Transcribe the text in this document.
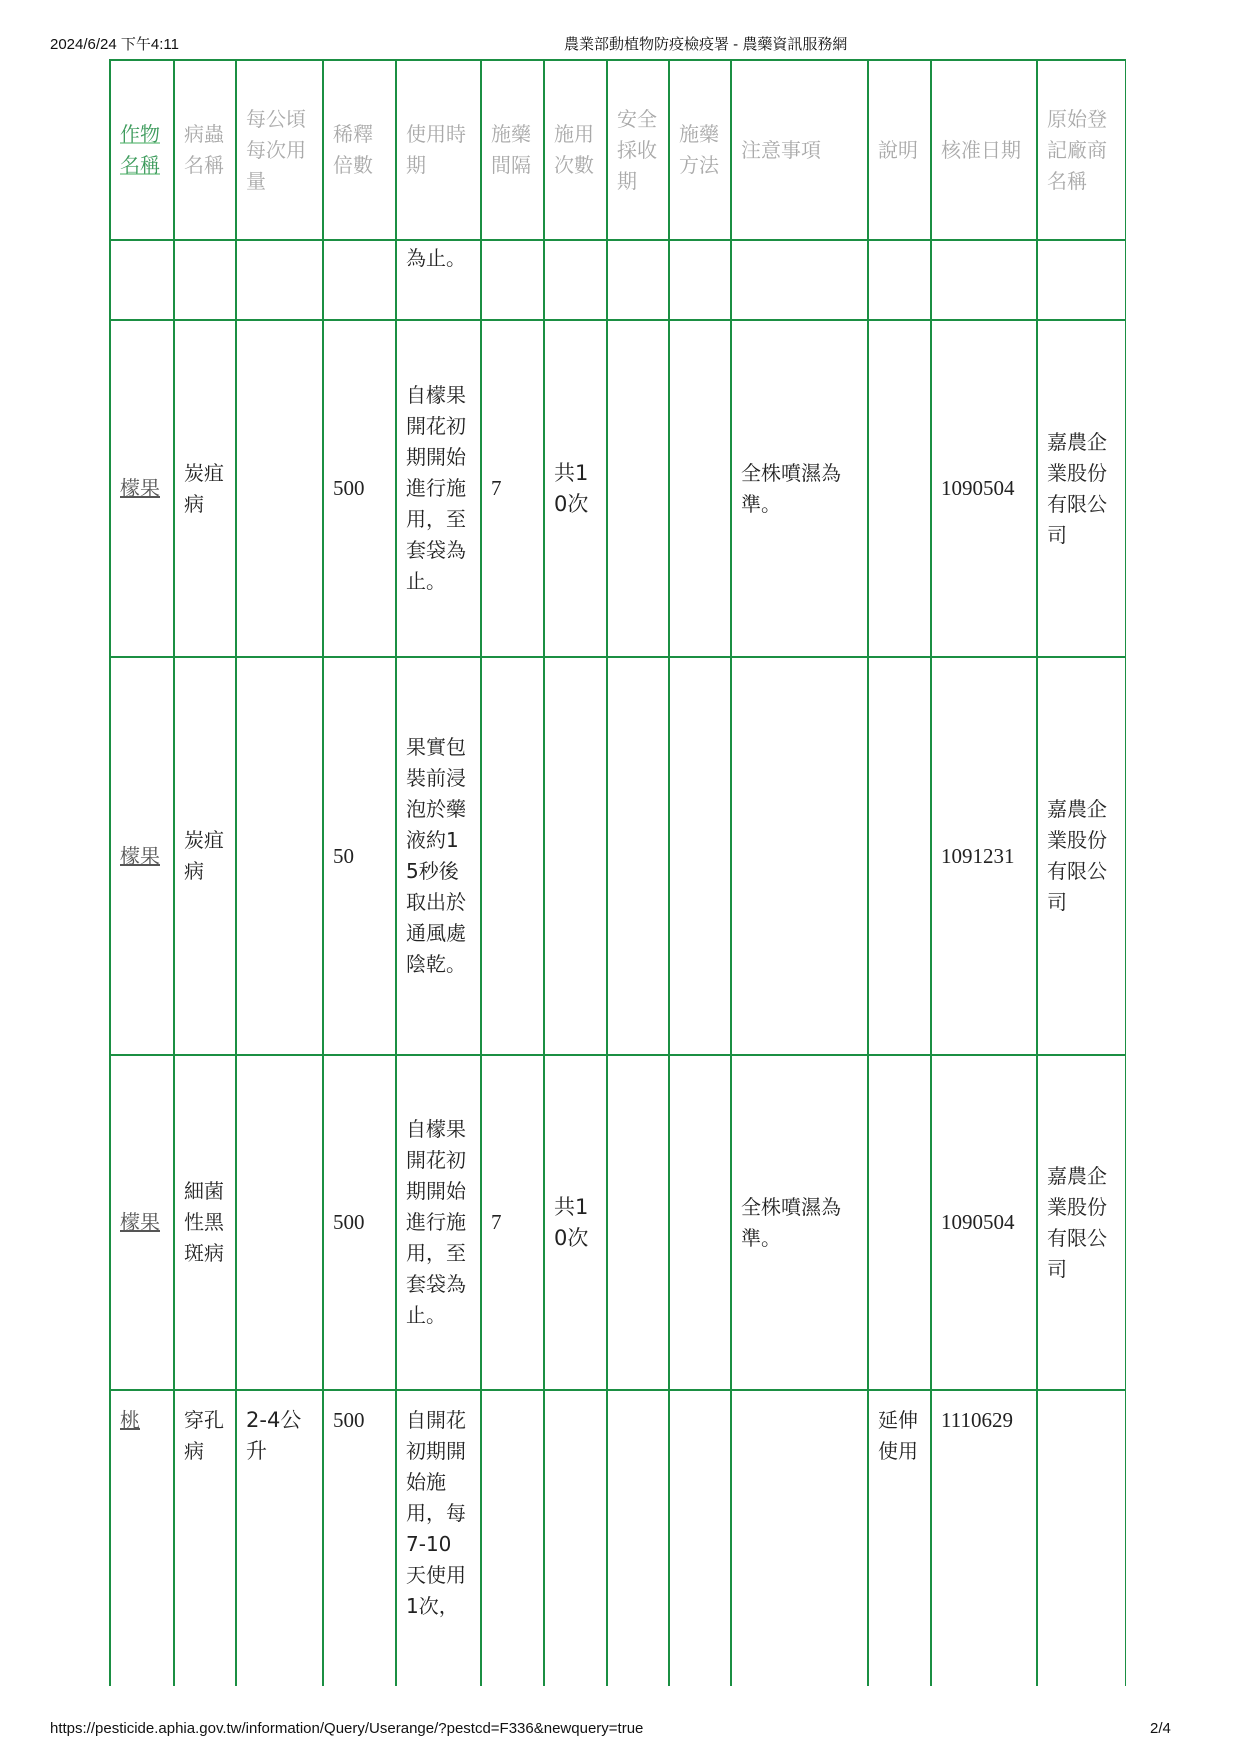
2024/6/24 下午4:11	農業部動植物防疫檢疫署 - 農藥資訊服務網
作物名稱	病蟲名稱	每公頃每次用量	稀釋倍數	使用時期	施藥間隔	施用次數	安全採收期	施藥方法	注意事項	說明	核准日期	原始登記廠商名稱
				為止。								
檬果	炭疽病		500	自檬果開花初期開始進行施用，至套袋為止。	7	共10次			全株噴濕為準。		1090504	嘉農企業股份有限公司
檬果	炭疽病		50	果實包裝前浸泡於藥液約15秒後取出於通風處陰乾。							1091231	嘉農企業股份有限公司
檬果	細菌性黑斑病		500	自檬果開花初期開始進行施用，至套袋為止。	7	共10次			全株噴濕為準。		1090504	嘉農企業股份有限公司
桃	穿孔病	2-4公升	500	自開花初期開始施用，每7-10天使用1次，						延伸使用	1110629	
https://pesticide.aphia.gov.tw/information/Query/Userange/?pestcd=F336&newquery=true	2/4
